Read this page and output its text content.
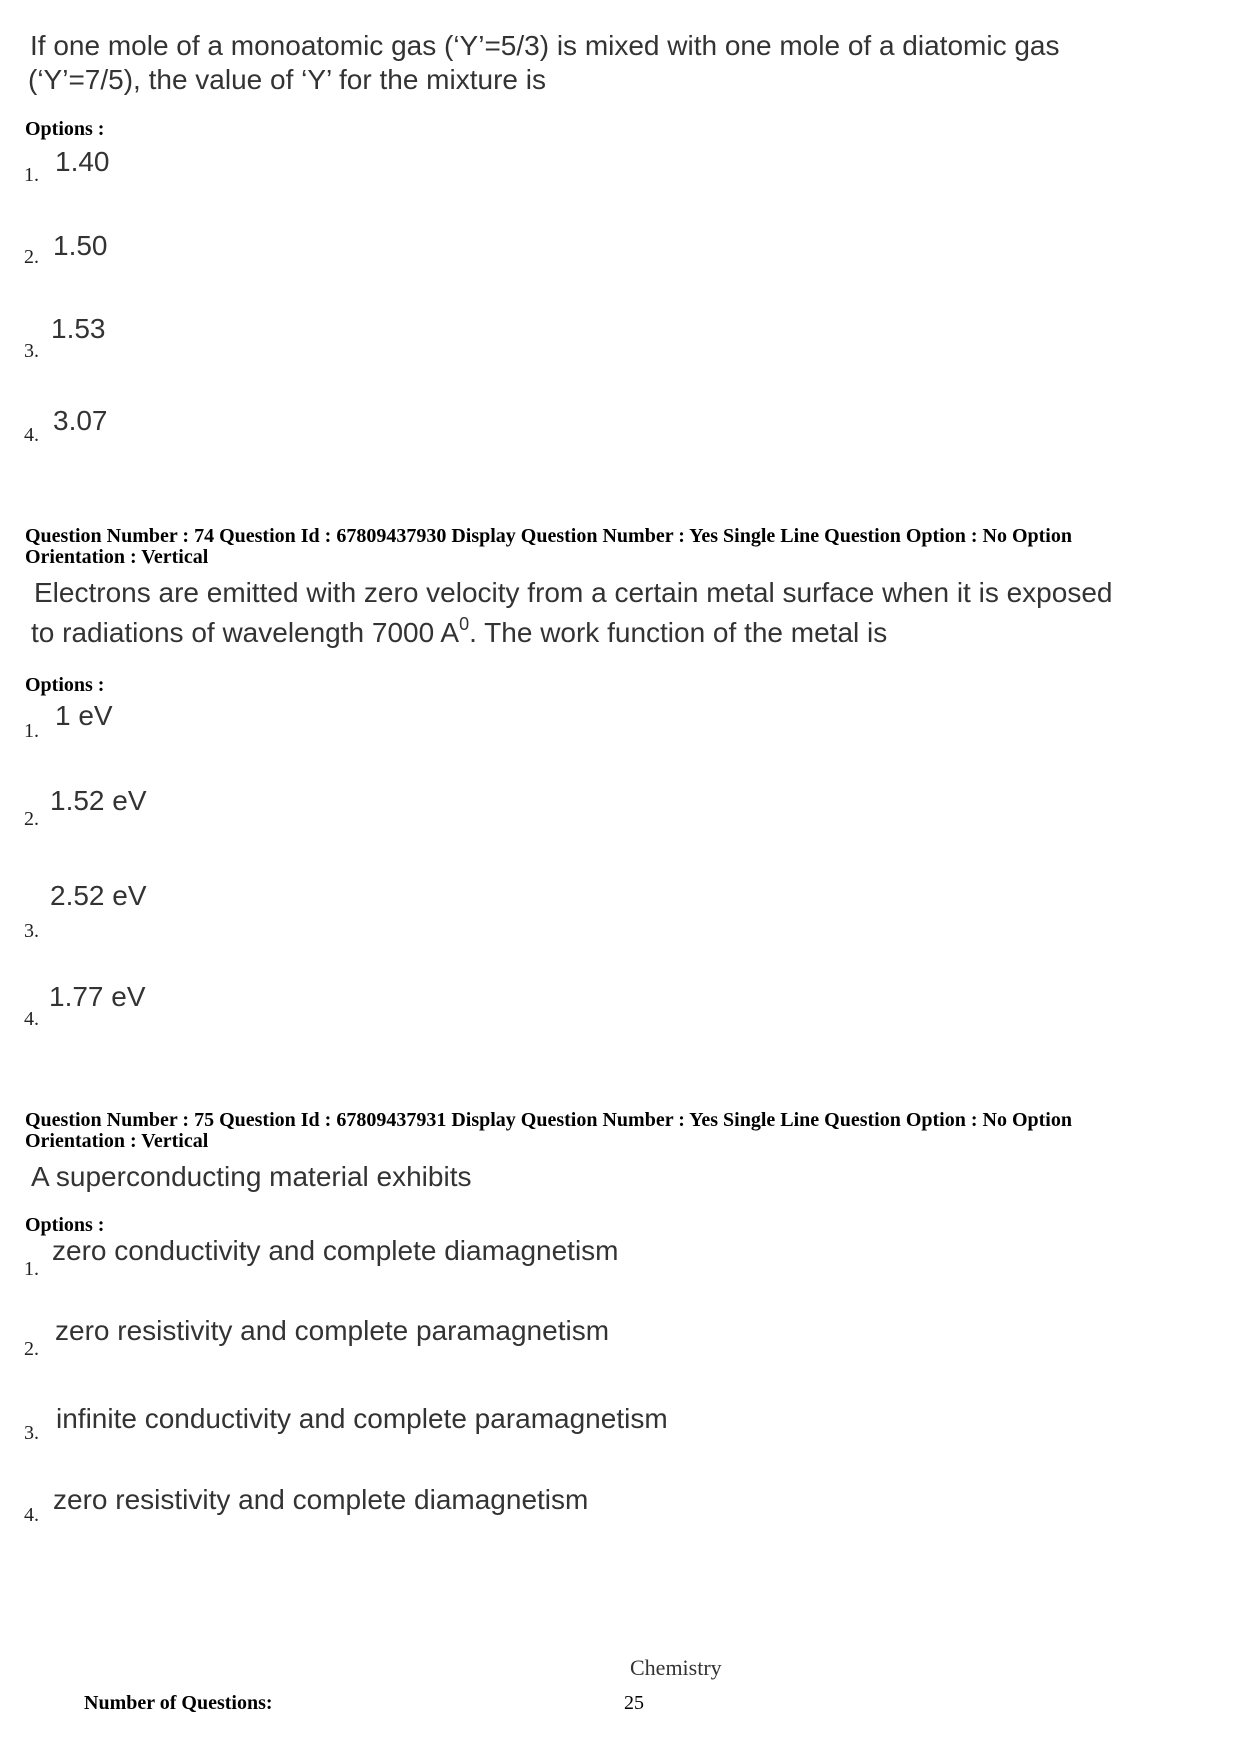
If one mole of a monoatomic gas (‘Y’=5/3) is mixed with one mole of a diatomic gas
(‘Y’=7/5), the value of ‘Y’ for the mixture is
Options :
1. 1.40
2. 1.50
3.
1.53
4. 3.07
Question Number : 74 Question Id : 67809437930 Display Question Number : Yes Single Line Question Option : No Option
Orientation : Vertical
Electrons are emitted with zero velocity from a certain metal surface when it is exposed
to radiations of wavelength 7000 $A^0$. The work function of the metal is
Options :
1. 1 eV
2.
1.52 eV
3.
2.52 eV
4.
1.77 eV
Question Number : 75 Question Id : 67809437931 Display Question Number : Yes Single Line Question Option : No Option
Orientation : Vertical
A superconducting material exhibits
Options :
1.
zero conductivity and complete diamagnetism
2.
zero resistivity and complete paramagnetism
3. infinite conductivity and complete paramagnetism
4. zero resistivity and complete diamagnetism
Chemistry
Number of Questions:	25
